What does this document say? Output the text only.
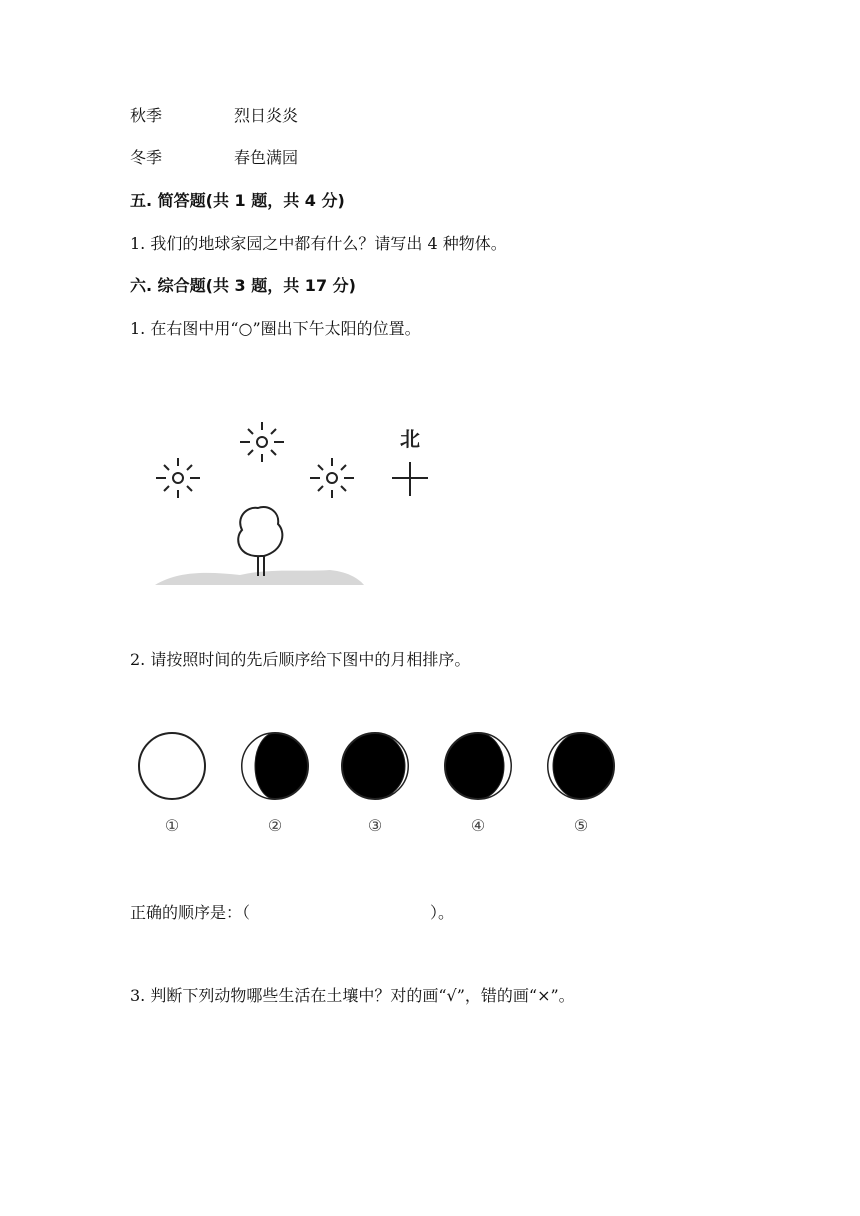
秋季	烈日炎炎
冬季	春色满园
五. 简答题(共 1 题，共 4 分)
1. 我们的地球家园之中都有什么？请写出 4 种物体。
六. 综合题(共 3 题，共 17 分)
1. 在右图中用“○”圈出下午太阳的位置。
北
2. 请按照时间的先后顺序给下图中的月相排序。
①	②	③	④	⑤
正确的顺序是：（	）。
3. 判断下列动物哪些生活在土壤中？对的画“√”，错的画“×”。
